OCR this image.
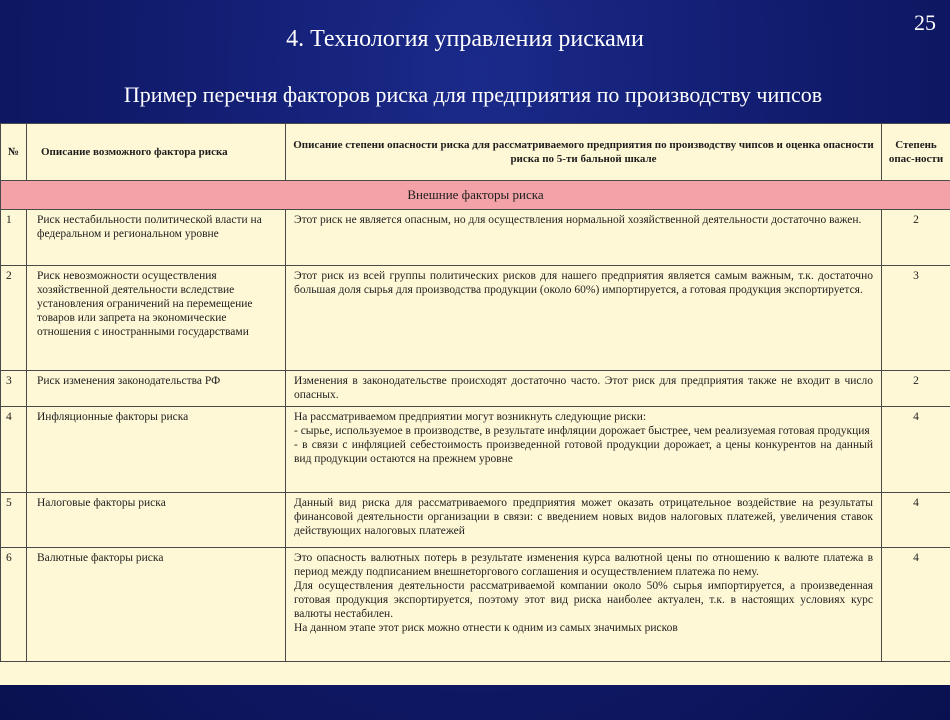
25
4. Технология управления рисками
Пример перечня факторов риска для предприятия по производству чипсов
№	Описание возможного фактора риска	Описание степени опасности риска для рассматриваемого предприятия по производству чипсов и оценка опасности риска по 5-ти бальной шкале	Степень опас-ности
Внешние факторы риска			
1	Риск нестабильности политической власти на федеральном и региональном уровне	Этот риск не является опасным, но для осуществления нормальной хозяйственной деятельности достаточно важен.	2
2	Риск невозможности осуществления хозяйственной деятельности вследствие установления ограничений на перемещение товаров или запрета на экономические отношения с иностранными государствами	Этот риск из всей группы политических рисков для нашего предприятия является самым важным, т.к. достаточно большая доля сырья для производства продукции (около 60%) импортируется, а готовая продукция экспортируется.	3
3	Риск изменения законодательства РФ	Изменения в законодательстве происходят достаточно часто. Этот риск для предприятия также не входит в число опасных.	2
4	Инфляционные факторы риска	На рассматриваемом предприятии могут возникнуть следующие риски:
- сырье, используемое в производстве, в результате инфляции дорожает быстрее, чем реализуемая готовая продукция
- в связи с инфляцией себестоимость произведенной готовой продукции дорожает, а цены конкурентов на данный вид продукции остаются на прежнем уровне	4
5	Налоговые факторы риска	Данный вид риска для рассматриваемого предприятия может оказать отрицательное воздействие на результаты финансовой деятельности организации в связи: с введением новых видов налоговых платежей, увеличения ставок действующих налоговых платежей	4
6	Валютные факторы риска	Это опасность валютных потерь в результате изменения курса валютной цены по отношению к валюте платежа в период между подписанием внешнеторгового соглашения и осуществлением платежа по нему.
Для осуществления деятельности рассматриваемой компании около 50% сырья импортируется, а произведенная готовая продукция экспортируется, поэтому этот вид риска наиболее актуален, т.к. в настоящих условиях курс валюты нестабилен.
На данном этапе этот риск можно отнести к одним из самых значимых рисков	4
